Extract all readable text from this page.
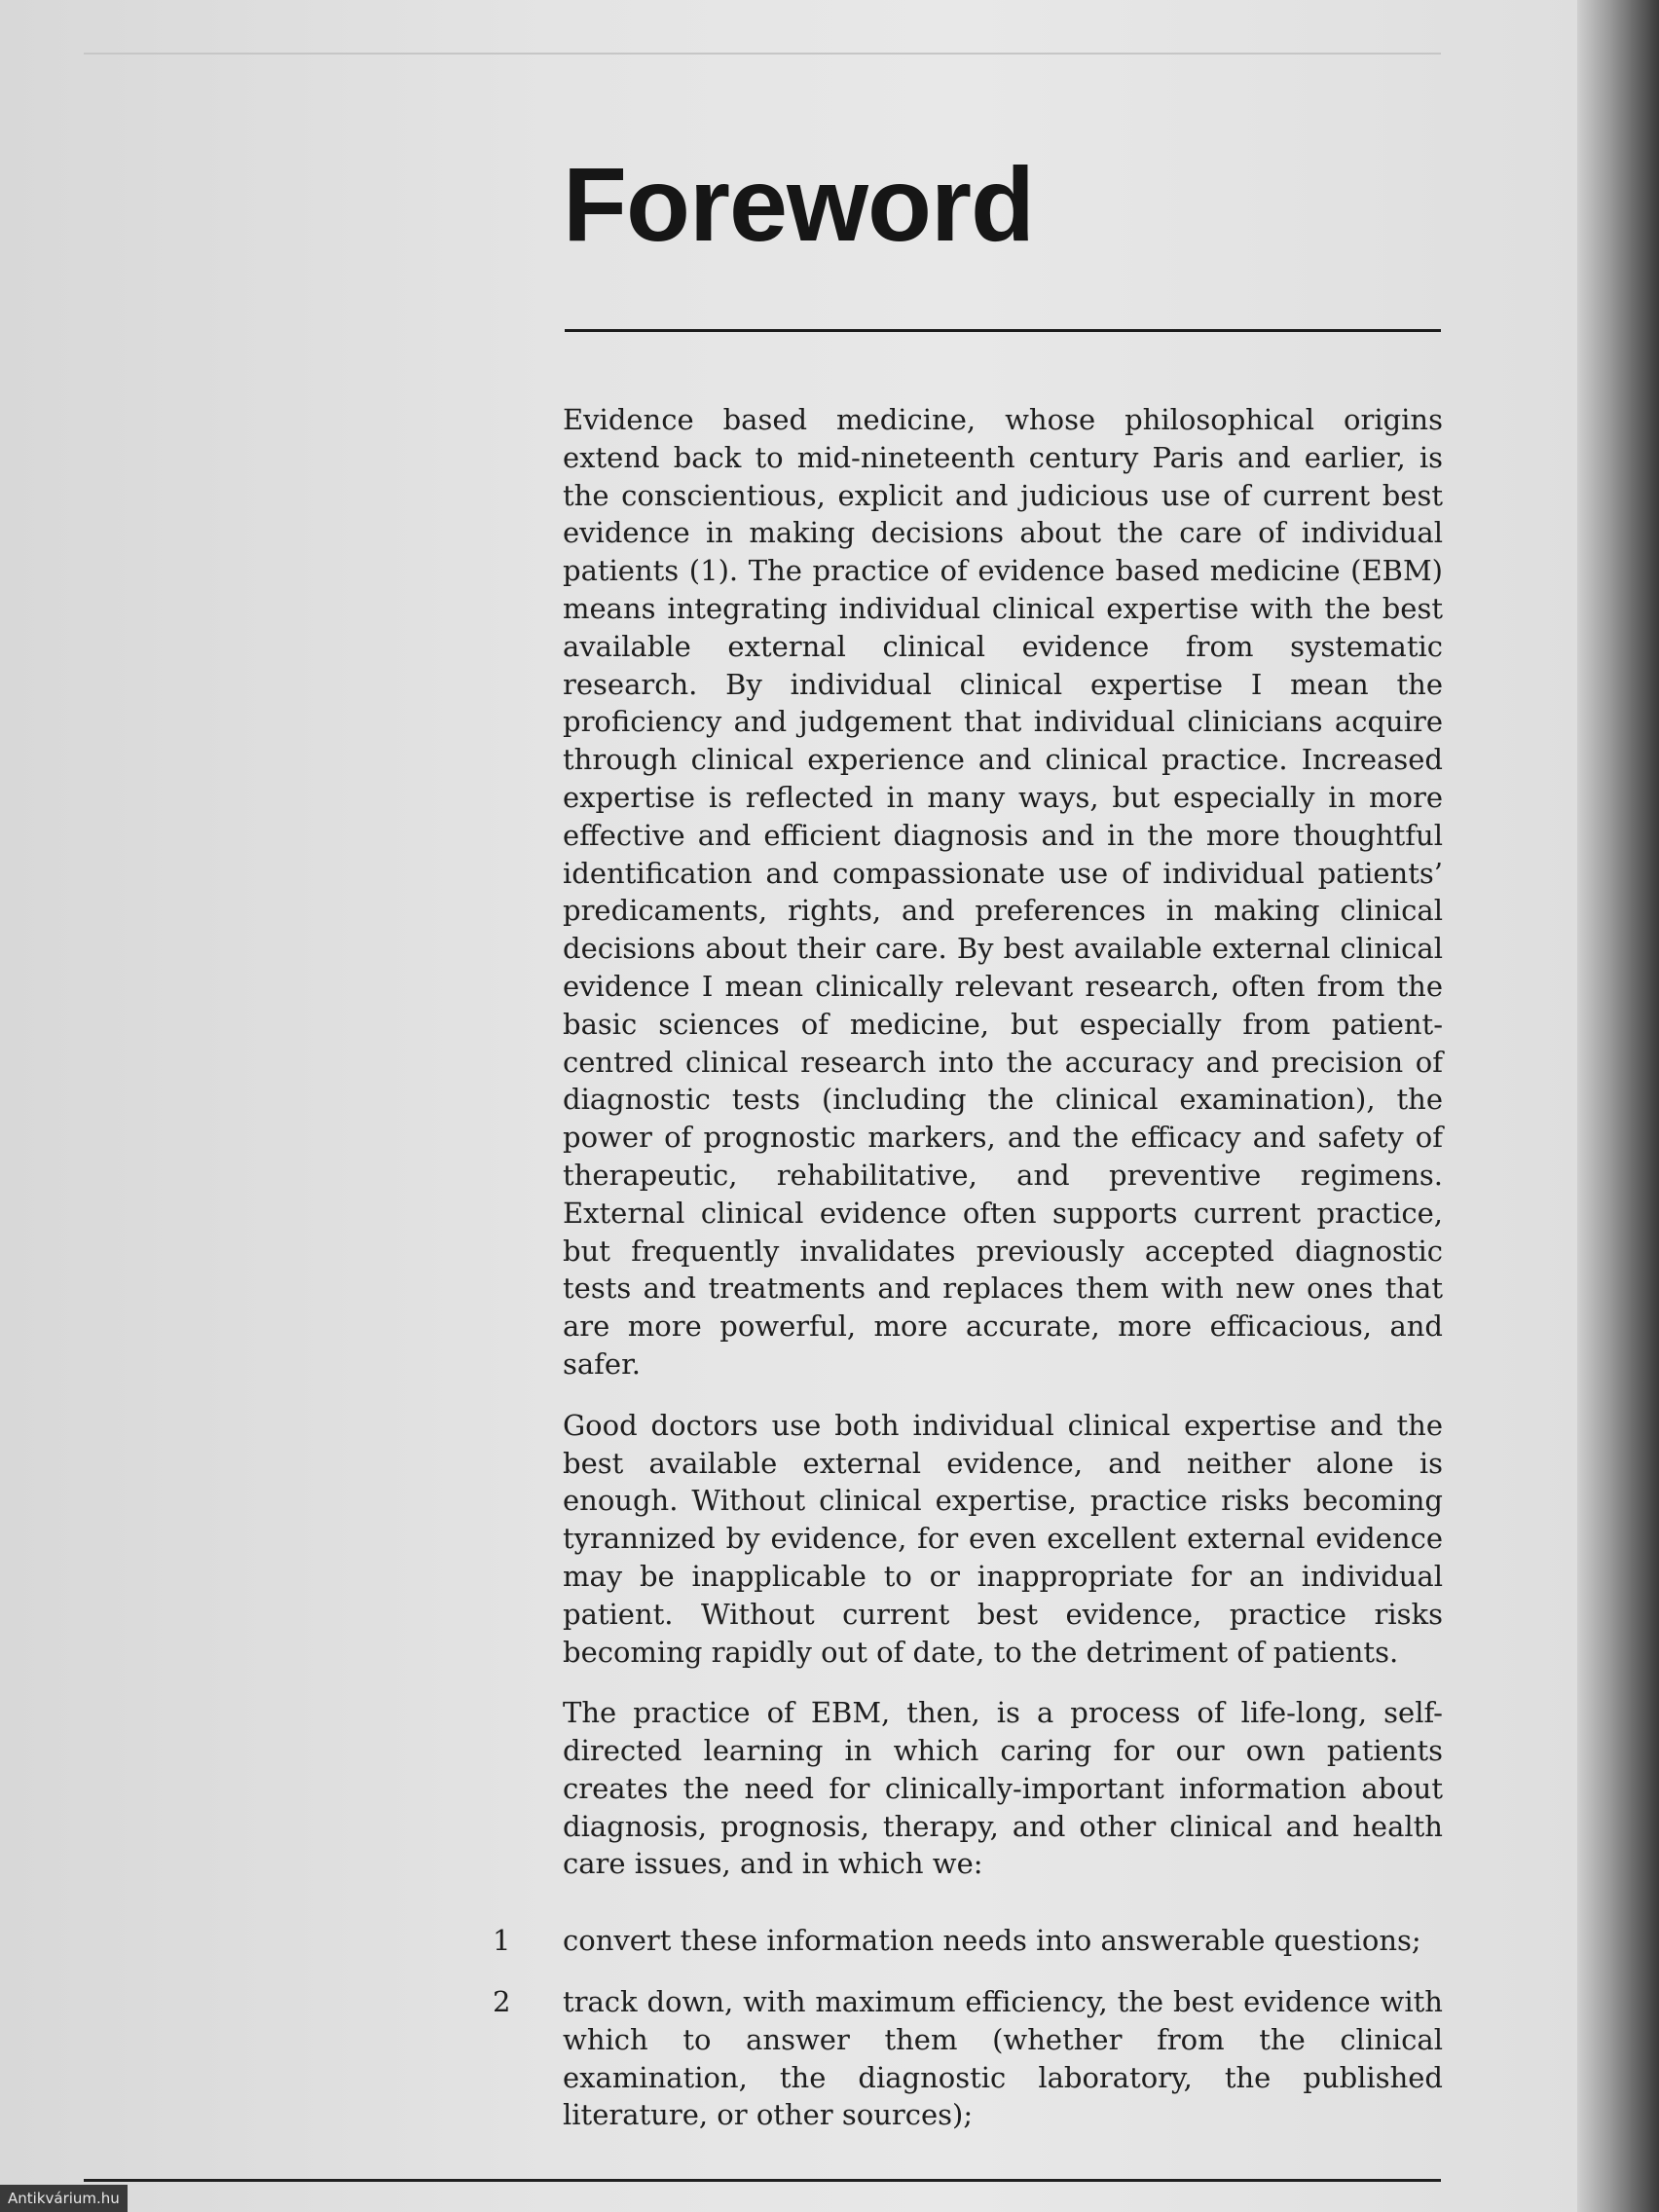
Foreword

Evidence based medicine, whose philosophical origins extend back to mid-nineteenth century Paris and earlier, is the conscientious, explicit and judicious use of current best evidence in making decisions about the care of individual patients (1). The practice of evidence based medicine (EBM) means integrating individual clinical expertise with the best available external clinical evidence from systematic research. By individual clinical expertise I mean the proficiency and judgement that individual clinicians acquire through clinical experience and clinical practice. Increased expertise is reflected in many ways, but especially in more effective and efficient diagnosis and in the more thoughtful identification and compassionate use of individual patients’ predicaments, rights, and preferences in making clinical decisions about their care. By best available external clinical evidence I mean clinically relevant research, often from the basic sciences of medicine, but especially from patient-centred clinical research into the accuracy and precision of diagnostic tests (including the clinical examination), the power of prognostic markers, and the efficacy and safety of therapeutic, rehabilitative, and preventive regimens. External clinical evidence often supports current practice, but frequently invalidates previously accepted diagnostic tests and treatments and replaces them with new ones that are more powerful, more accurate, more efficacious, and safer.

Good doctors use both individual clinical expertise and the best available external evidence, and neither alone is enough. Without clinical expertise, practice risks becoming tyrannized by evidence, for even excellent external evidence may be inapplicable to or inappropriate for an individual patient. Without current best evidence, practice risks becoming rapidly out of date, to the detriment of patients.

The practice of EBM, then, is a process of life-long, self-directed learning in which caring for our own patients creates the need for clinically-important information about diagnosis, prognosis, therapy, and other clinical and health care issues, and in which we:

1	convert these information needs into answerable questions;
2	track down, with maximum efficiency, the best evidence with which to answer them (whether from the clinical examination, the diagnostic laboratory, the published literature, or other sources);
Antikvárium.hu
